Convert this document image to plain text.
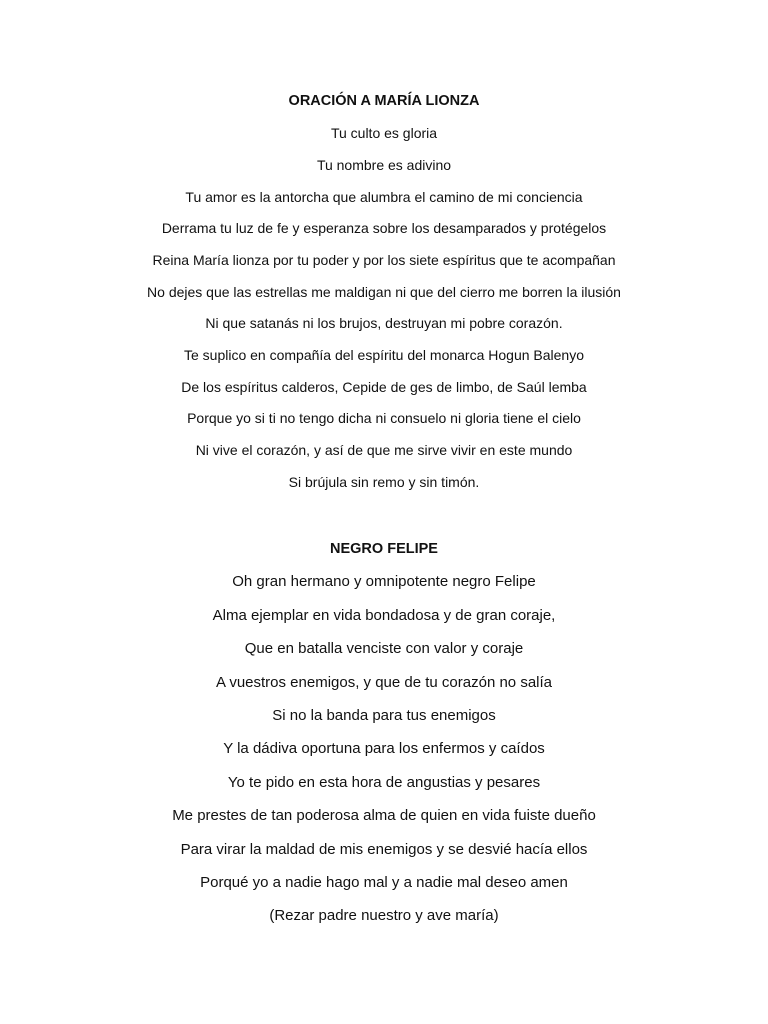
ORACIÓN A MARÍA LIONZA
Tu culto es gloria
Tu nombre es adivino
Tu amor es la antorcha que alumbra el camino de mi conciencia
Derrama tu luz de fe y esperanza sobre los desamparados y protégelos
Reina María lionza por tu poder y por los siete espíritus que te acompañan
No dejes que las estrellas me maldigan ni que del cierro me borren la ilusión
Ni que satanás ni los brujos, destruyan mi pobre corazón.
Te suplico en compañía del espíritu del monarca Hogun Balenyo
De los espíritus calderos, Cepide de ges de limbo, de Saúl lemba
Porque yo si ti no tengo dicha ni consuelo ni gloria tiene el cielo
Ni vive el corazón, y así de que me sirve vivir en este mundo
Si brújula sin remo y sin timón.
NEGRO FELIPE
Oh gran hermano y omnipotente negro Felipe
Alma ejemplar en vida bondadosa y de gran coraje,
Que en batalla venciste con valor y coraje
A vuestros enemigos, y que de tu corazón no salía
Si no la banda para tus enemigos
Y la dádiva oportuna para los enfermos y caídos
Yo te pido en esta hora de angustias y pesares
Me prestes de tan poderosa alma de quien en vida fuiste dueño
Para virar la maldad de mis enemigos y se desvié hacía ellos
Porqué yo a nadie hago mal y a nadie mal deseo amen
(Rezar padre nuestro y ave maría)
